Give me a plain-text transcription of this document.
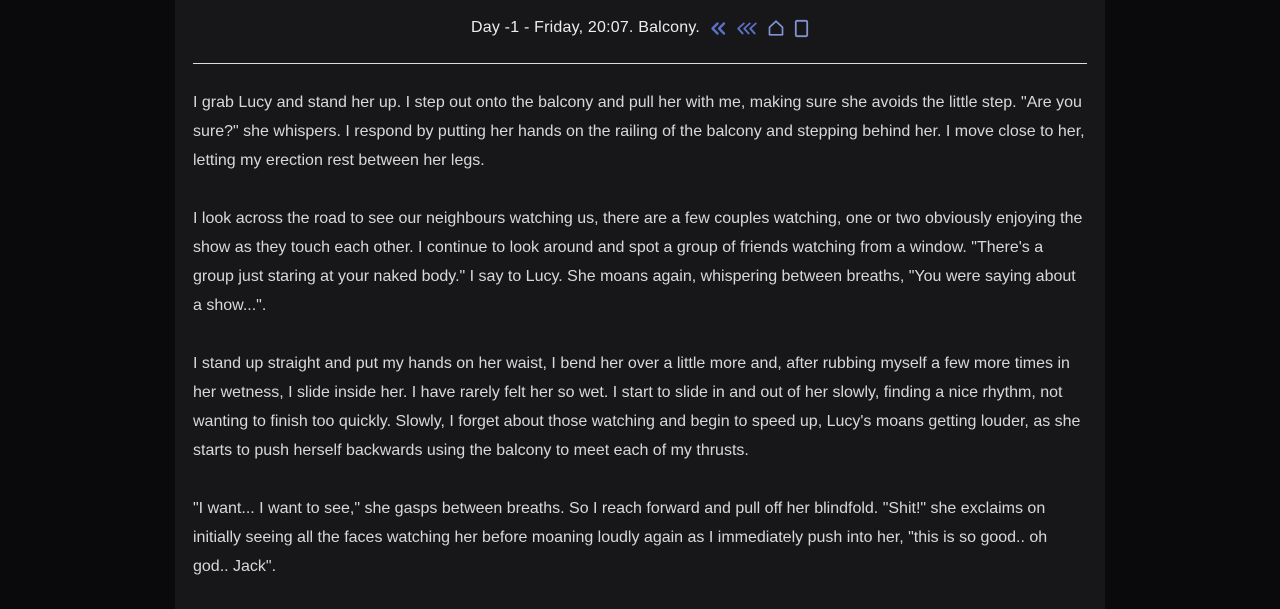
Day -1 - Friday, 20:07. Balcony.

I grab Lucy and stand her up. I step out onto the balcony and pull her with me, making sure she avoids the little step. "Are you sure?" she whispers. I respond by putting her hands on the railing of the balcony and stepping behind her. I move close to her, letting my erection rest between her legs.

I look across the road to see our neighbours watching us, there are a few couples watching, one or two obviously enjoying the show as they touch each other. I continue to look around and spot a group of friends watching from a window. "There's a group just staring at your naked body." I say to Lucy. She moans again, whispering between breaths, "You were saying about a show...".

I stand up straight and put my hands on her waist, I bend her over a little more and, after rubbing myself a few more times in her wetness, I slide inside her. I have rarely felt her so wet. I start to slide in and out of her slowly, finding a nice rhythm, not wanting to finish too quickly. Slowly, I forget about those watching and begin to speed up, Lucy's moans getting louder, as she starts to push herself backwards using the balcony to meet each of my thrusts.

"I want... I want to see," she gasps between breaths. So I reach forward and pull off her blindfold. "Shit!" she exclaims on initially seeing all the faces watching her before moaning loudly again as I immediately push into her, "this is so good.. oh god.. Jack".
